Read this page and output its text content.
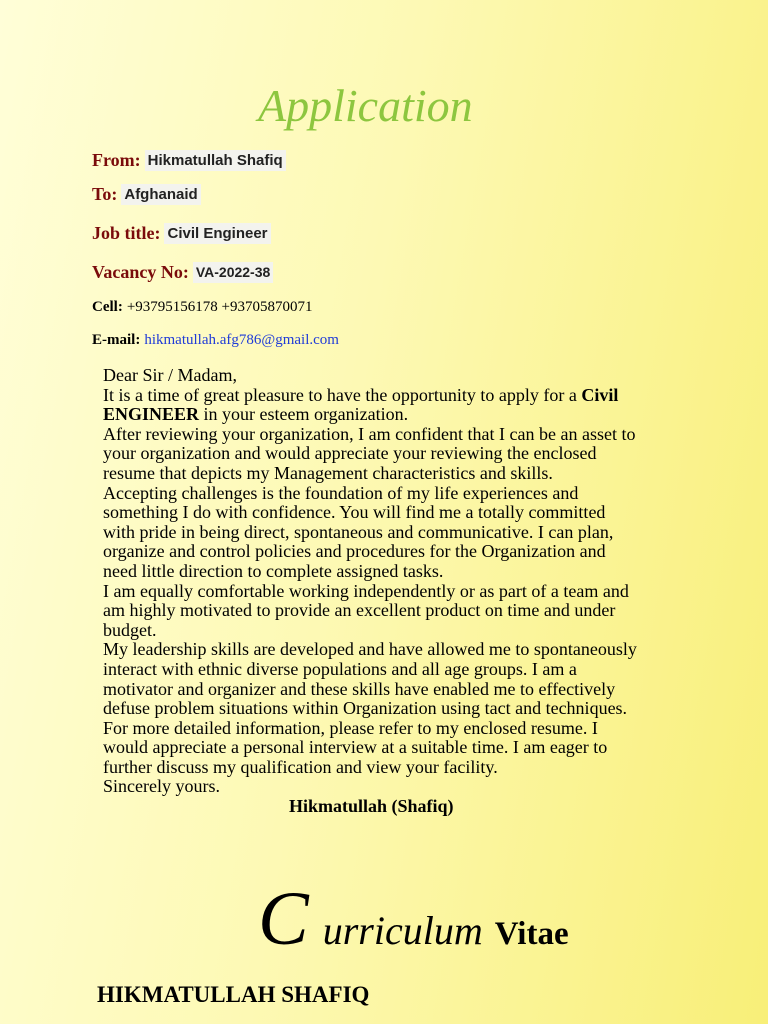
Application
From: Hikmatullah Shafiq
To: Afghanaid
Job title: Civil Engineer
Vacancy No: VA-2022-38
Cell: +93795156178 +93705870071
E-mail: hikmatullah.afg786@gmail.com
Dear Sir / Madam,
It is a time of great pleasure to have the opportunity to apply for a Civil
ENGINEER in your esteem organization.
After reviewing your organization, I am confident that I can be an asset to
your organization and would appreciate your reviewing the enclosed
resume that depicts my Management characteristics and skills.
Accepting challenges is the foundation of my life experiences and
something I do with confidence. You will find me a totally committed
with pride in being direct, spontaneous and communicative. I can plan,
organize and control policies and procedures for the Organization and
need little direction to complete assigned tasks.
I am equally comfortable working independently or as part of a team and
am highly motivated to provide an excellent product on time and under
budget.
My leadership skills are developed and have allowed me to spontaneously
interact with ethnic diverse populations and all age groups. I am a
motivator and organizer and these skills have enabled me to effectively
defuse problem situations within Organization using tact and techniques.
For more detailed information, please refer to my enclosed resume. I
would appreciate a personal interview at a suitable time. I am eager to
further discuss my qualification and view your facility.
Sincerely yours.
Hikmatullah (Shafiq)
C urriculum Vitae
HIKMATULLAH SHAFIQ
